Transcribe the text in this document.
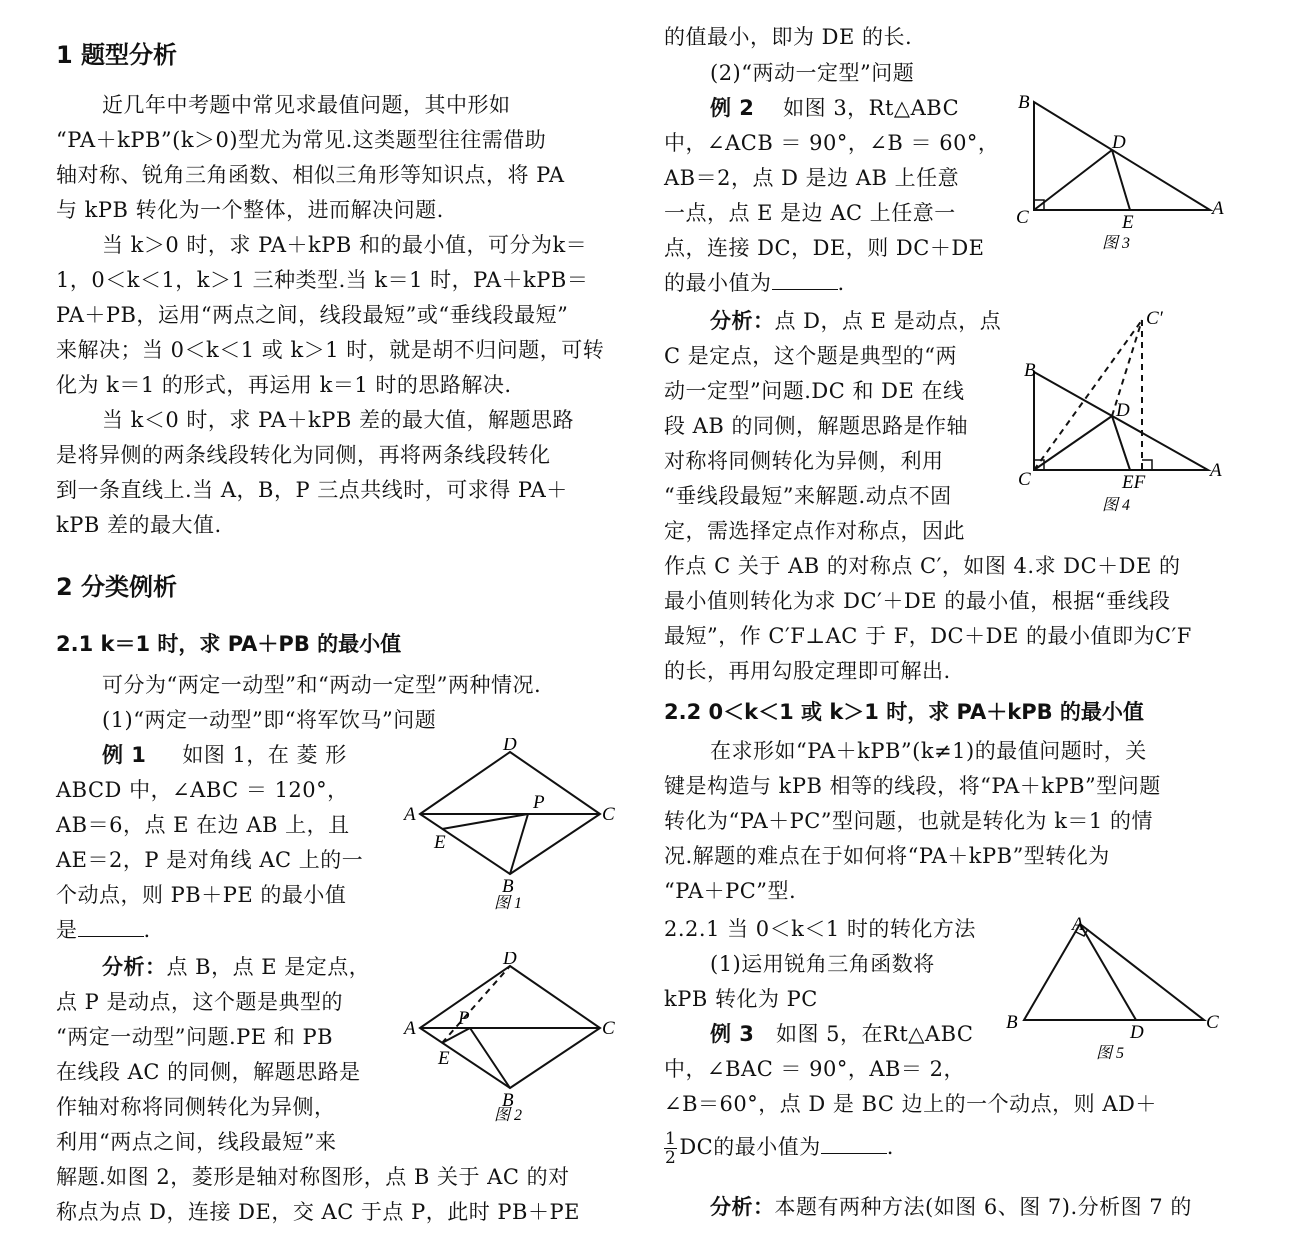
1 题型分析

近几年中考题中常见求最值问题，其中形如

“PA＋kPB”(k＞0)型尤为常见.这类题型往往需借助

轴对称、锐角三角函数、相似三角形等知识点，将 PA

与 kPB 转化为一个整体，进而解决问题.

当 k＞0 时，求 PA＋kPB 和的最小值，可分为k＝

1，0＜k＜1，k＞1 三种类型.当 k＝1 时，PA＋kPB＝

PA＋PB，运用“两点之间，线段最短”或“垂线段最短”

来解决；当 0＜k＜1 或 k＞1 时，就是胡不归问题，可转

化为 k＝1 的形式，再运用 k＝1 时的思路解决.

当 k＜0 时，求 PA＋kPB 差的最大值，解题思路

是将异侧的两条线段转化为同侧，再将两条线段转化

到一条直线上.当 A，B，P 三点共线时，可求得 PA＋

kPB 差的最大值.

2 分类例析
2.1 k＝1 时，求 PA＋PB 的最小值

可分为“两定一动型”和“两动一定型”两种情况.

(1)“两定一动型”即“将军饮马”问题

例 1 如图 1，在 菱 形

ABCD 中，∠ABC ＝ 120°，

AB＝6，点 E 在边 AB 上，且

AE＝2，P 是对角线 AC 上的一

个动点，则 PB＋PE 的最小值

是	.

分析：点 B，点 E 是定点，

点 P 是动点，这个题是典型的

“两定一动型”问题.PE 和 PB

在线段 AC 的同侧，解题思路是

作轴对称将同侧转化为异侧，

利用“两点之间，线段最短”来

解题.如图 2，菱形是轴对称图形，点 B 关于 AC 的对

称点为点 D，连接 DE，交 AC 于点 P，此时 PB＋PE

A
D
C
B
E
P
图 1
A
D
C
B
E
P
图 2

的值最小，即为 DE 的长.

(2)“两动一定型”问题

例 2 如图 3，Rt△ABC

中，∠ACB ＝ 90°，∠B ＝ 60°，

AB＝2，点 D 是边 AB 上任意

一点，点 E 是边 AC 上任意一

点，连接 DC，DE，则 DC＋DE

的最小值为	.

分析：点 D，点 E 是动点，点

C 是定点，这个题是典型的“两

动一定型”问题.DC 和 DE 在线

段 AB 的同侧，解题思路是作轴

对称将同侧转化为异侧，利用

“垂线段最短”来解题.动点不固

定，需选择定点作对称点，因此

作点 C 关于 AB 的对称点 C′，如图 4.求 DC＋DE 的

最小值则转化为求 DC′＋DE 的最小值，根据“垂线段

最短”，作 C′F⊥AC 于 F，DC＋DE 的最小值即为C′F

的长，再用勾股定理即可解出.

2.2 0＜k＜1 或 k＞1 时，求 PA＋kPB 的最小值

在求形如“PA＋kPB”(k≠1)的最值问题时，关

键是构造与 kPB 相等的线段，将“PA＋kPB”型问题

转化为“PA＋PC”型问题，也就是转化为 k＝1 的情

况.解题的难点在于如何将“PA＋kPB”型转化为

“PA＋PC”型.

2.2.1 当 0＜k＜1 时的转化方法

(1)运用锐角三角函数将

kPB 转化为 PC

例 3 如图 5，在Rt△ABC

中，∠BAC ＝ 90°，AB＝ 2，

∠B＝60°，点 D 是 BC 边上的一个动点，则 AD＋

$\frac{1}{2}$ DC的最小值为	.

分析：本题有两种方法(如图 6、图 7).分析图 7 的

B
C	A
D
E
图 3
B
C	A
D
C′
EF
图 4
A
B	C
D
图 5
